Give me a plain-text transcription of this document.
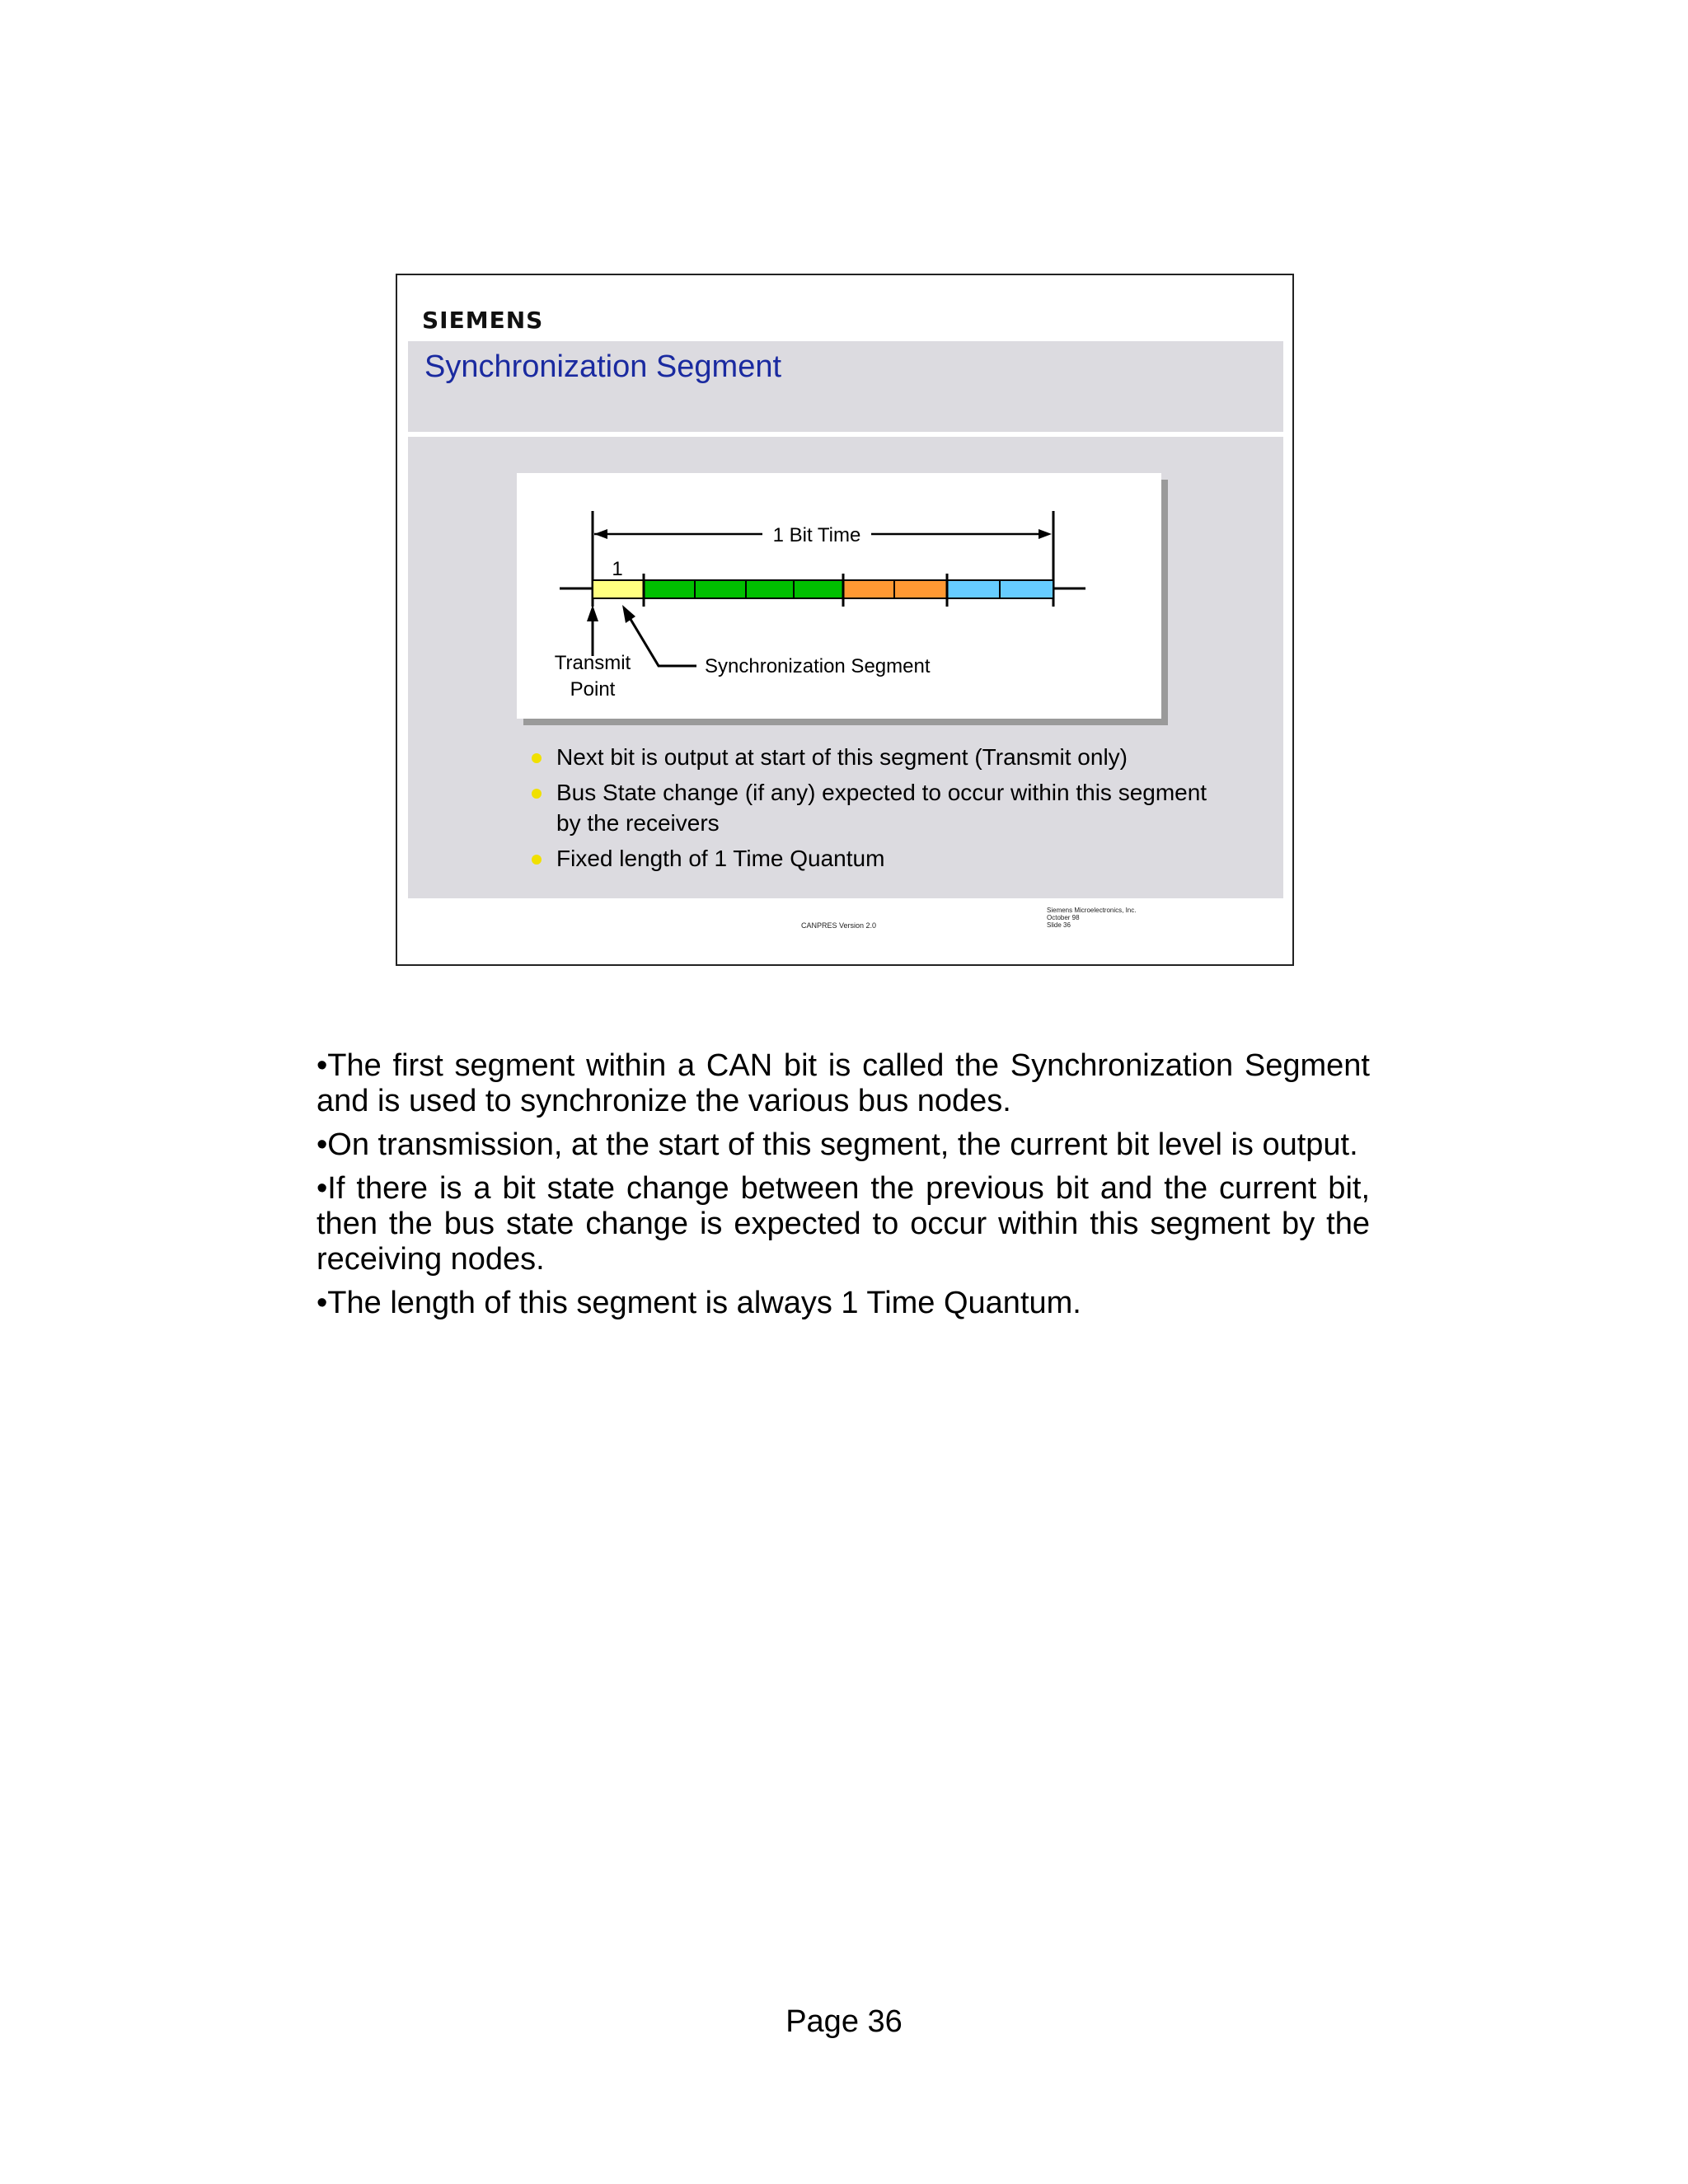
SIEMENS
Synchronization Segment
1 Bit Time
1
Transmit
Point
Synchronization Segment
Next bit is output at start of this segment (Transmit only)
Bus State change (if any) expected to occur within this segment by the receivers
Fixed length of 1 Time Quantum
CANPRES Version 2.0
Siemens Microelectronics, Inc.
October 98
Slide 36

•The first segment within a CAN bit is called the Synchronization Segment and is used to synchronize the various bus nodes.

•On transmission, at the start of this segment, the current bit level is output.

•If there is a bit state change between the previous bit and the current bit, then the bus state change is expected to occur within this segment by the receiving nodes.

•The length of this segment is always 1 Time Quantum.

Page 36
